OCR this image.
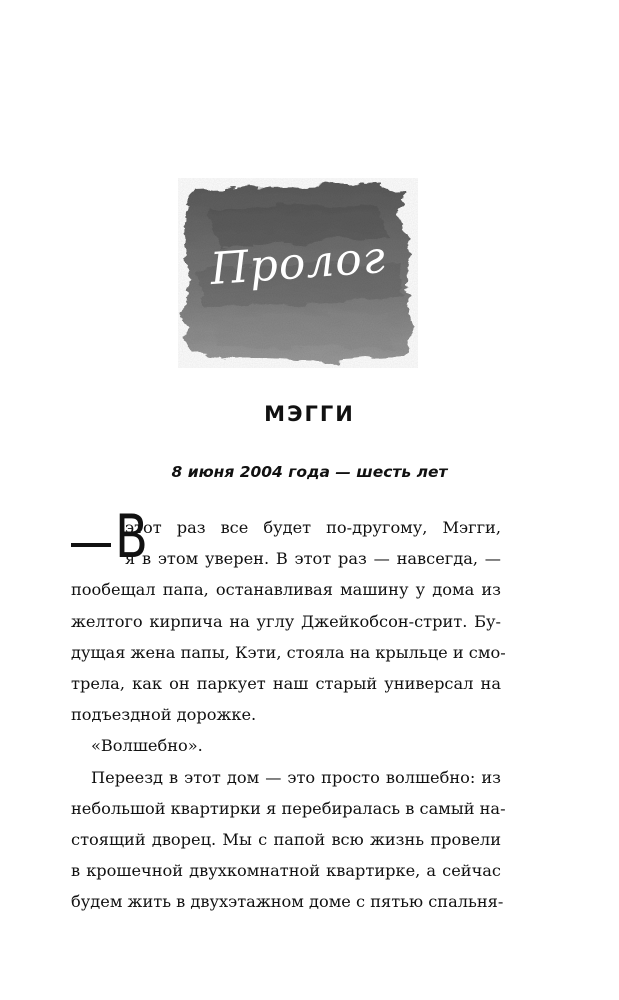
Пролог
МЭГГИ
8 июня 2004 года — шесть лет
В
этот раз все будет по-другому, Мэгги,
я в этом уверен. В этот раз — навсегда, —
пообещал папа, останавливая машину у дома из
желтого кирпича на углу Джейкобсон-стрит. Бу-
дущая жена папы, Кэти, стояла на крыльце и смо-
трела, как он паркует наш старый универсал на
подъездной дорожке.
«Волшебно».
Переезд в этот дом — это просто волшебно: из
небольшой квартирки я перебиралась в самый на-
стоящий дворец. Мы с папой всю жизнь провели
в крошечной двухкомнатной квартирке, а сейчас
будем жить в двухэтажном доме с пятью спальня-
